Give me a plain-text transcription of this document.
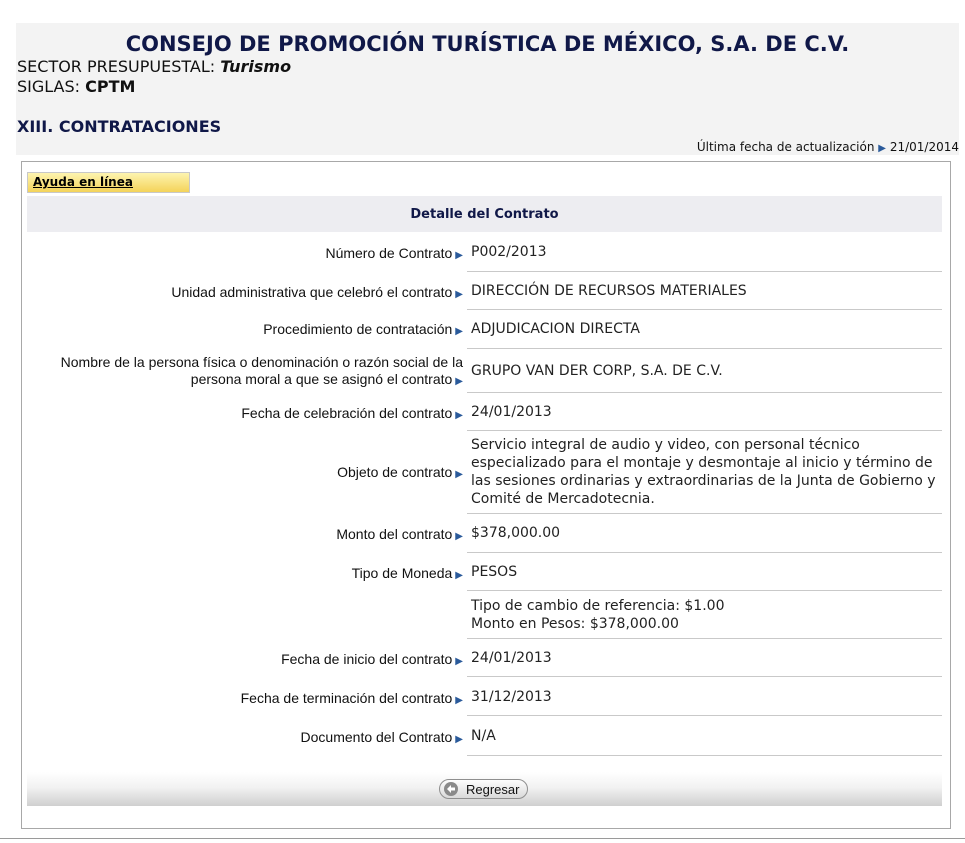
CONSEJO DE PROMOCIÓN TURÍSTICA DE MÉXICO, S.A. DE C.V.
SECTOR PRESUPUESTAL: Turismo
SIGLAS: CPTM
XIII. CONTRATACIONES
Última fecha de actualización ▶ 21/01/2014
Ayuda en línea
Detalle del Contrato
Número de Contrato ▶ P002/2013
Unidad administrativa que celebró el contrato ▶ DIRECCIÓN DE RECURSOS MATERIALES
Procedimiento de contratación ▶ ADJUDICACION DIRECTA
Nombre de la persona física o denominación o razón social de la persona moral a que se asignó el contrato ▶
GRUPO VAN DER CORP, S.A. DE C.V.
Fecha de celebración del contrato ▶ 24/01/2013
Objeto de contrato ▶
Servicio integral de audio y video, con personal técnico especializado para el montaje y desmontaje al inicio y término de las sesiones ordinarias y extraordinarias de la Junta de Gobierno y Comité de Mercadotecnia.
Monto del contrato ▶ $378,000.00
Tipo de Moneda ▶ PESOS
Tipo de cambio de referencia: $1.00
Monto en Pesos: $378,000.00
Fecha de inicio del contrato ▶ 24/01/2013
Fecha de terminación del contrato ▶ 31/12/2013
Documento del Contrato ▶ N/A
Regresar
